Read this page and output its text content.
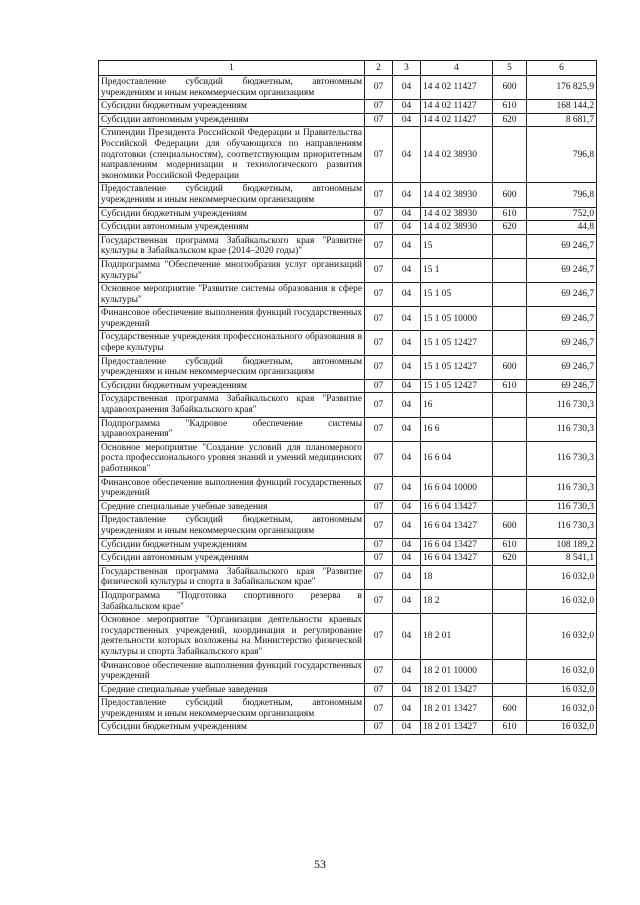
1	2	3	4	5	6
Предоставление субсидий бюджетным, автономным учреждениям и иным некоммерческим организациям	07	04	14 4 02 11427	600	176 825,9
Субсидии бюджетным учреждениям	07	04	14 4 02 11427	610	168 144,2
Субсидии автономным учреждениям	07	04	14 4 02 11427	620	8 681,7
Стипендии Президента Российской Федерации и Правительства Российской Федерации для обучающихся по направлениям подготовки (специальностям), соответствующим приоритетным направлениям модернизации и технологического развития экономики Российской Федерации	07	04	14 4 02 38930		796,8
Предоставление субсидий бюджетным, автономным учреждениям и иным некоммерческим организациям	07	04	14 4 02 38930	600	796,8
Субсидии бюджетным учреждениям	07	04	14 4 02 38930	610	752,0
Субсидии автономным учреждениям	07	04	14 4 02 38930	620	44,8
Государственная программа Забайкальского края "Развитие культуры в Забайкальском крае (2014–2020 годы)"	07	04	15		69 246,7
Подпрограмма "Обеспечение многообразия услуг организаций культуры"	07	04	15 1		69 246,7
Основное мероприятие "Развитие системы образования в сфере культуры"	07	04	15 1 05		69 246,7
Финансовое обеспечение выполнения функций государственных учреждений	07	04	15 1 05 10000		69 246,7
Государственные учреждения профессионального образования в сфере культуры	07	04	15 1 05 12427		69 246,7
Предоставление субсидий бюджетным, автономным учреждениям и иным некоммерческим организациям	07	04	15 1 05 12427	600	69 246,7
Субсидии бюджетным учреждениям	07	04	15 1 05 12427	610	69 246,7
Государственная программа Забайкальского края "Развитие здравоохранения Забайкальского края"	07	04	16		116 730,3
Подпрограмма "Кадровое обеспечение системы здравоохранения"	07	04	16 6		116 730,3
Основное мероприятие "Создание условий для планомерного роста профессионального уровня знаний и умений медицинских работников"	07	04	16 6 04		116 730,3
Финансовое обеспечение выполнения функций государственных учреждений	07	04	16 6 04 10000		116 730,3
Средние специальные учебные заведения	07	04	16 6 04 13427		116 730,3
Предоставление субсидий бюджетным, автономным учреждениям и иным некоммерческим организациям	07	04	16 6 04 13427	600	116 730,3
Субсидии бюджетным учреждениям	07	04	16 6 04 13427	610	108 189,2
Субсидии автономным учреждениям	07	04	16 6 04 13427	620	8 541,1
Государственная программа Забайкальского края "Развитие физической культуры и спорта в Забайкальском крае"	07	04	18		16 032,0
Подпрограмма "Подготовка спортивного резерва в Забайкальском крае"	07	04	18 2		16 032,0
Основное мероприятие "Организация деятельности краевых государственных учреждений, координация и регулирование деятельности которых возложены на Министерство физической культуры и спорта Забайкальского края"	07	04	18 2 01		16 032,0
Финансовое обеспечение выполнения функций государственных учреждений	07	04	18 2 01 10000		16 032,0
Средние специальные учебные заведения	07	04	18 2 01 13427		16 032,0
Предоставление субсидий бюджетным, автономным учреждениям и иным некоммерческим организациям	07	04	18 2 01 13427	600	16 032,0
Субсидии бюджетным учреждениям	07	04	18 2 01 13427	610	16 032,0
53
